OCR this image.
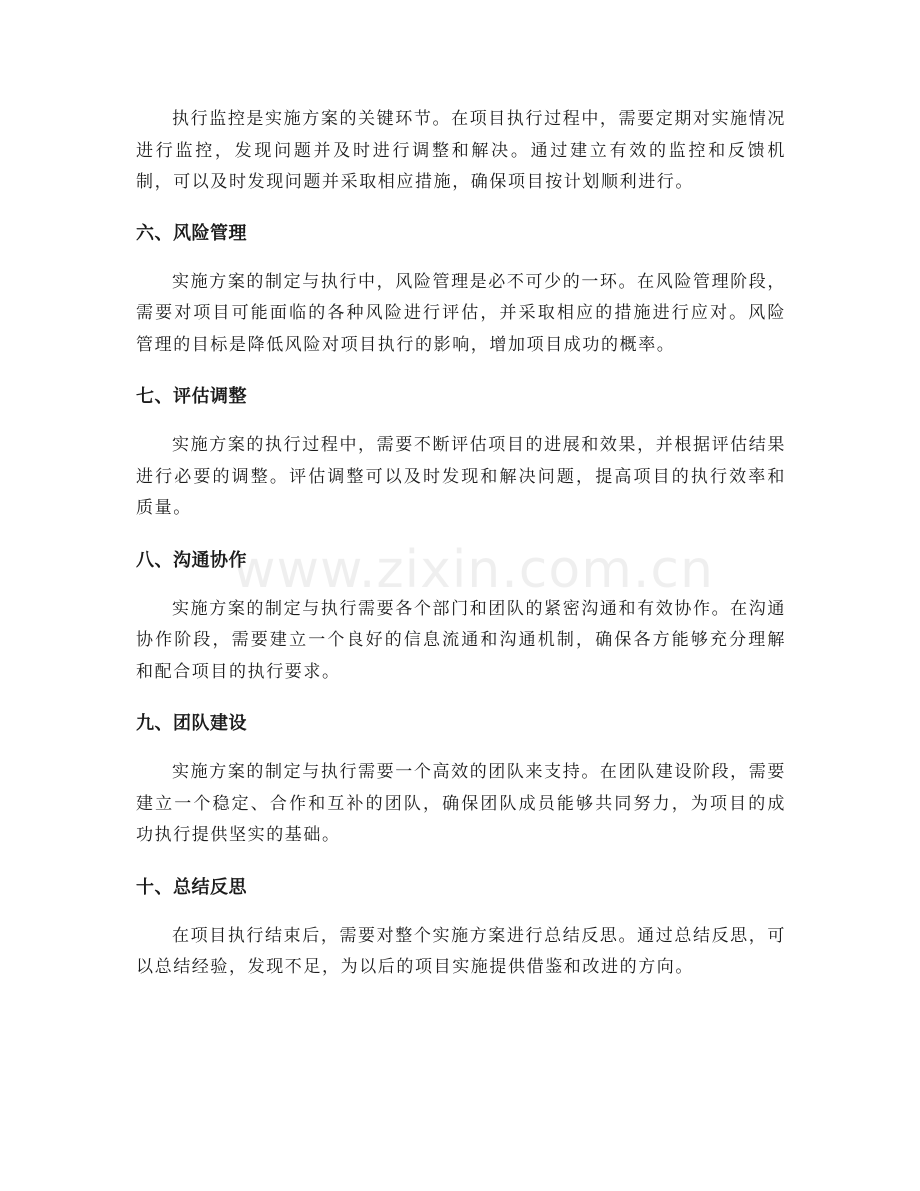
执行监控是实施方案的关键环节。在项目执行过程中，需要定期对实施情况进行监控，发现问题并及时进行调整和解决。通过建立有效的监控和反馈机制，可以及时发现问题并采取相应措施，确保项目按计划顺利进行。

六、风险管理

实施方案的制定与执行中，风险管理是必不可少的一环。在风险管理阶段，需要对项目可能面临的各种风险进行评估，并采取相应的措施进行应对。风险管理的目标是降低风险对项目执行的影响，增加项目成功的概率。

七、评估调整

实施方案的执行过程中，需要不断评估项目的进展和效果，并根据评估结果进行必要的调整。评估调整可以及时发现和解决问题，提高项目的执行效率和质量。

八、沟通协作

实施方案的制定与执行需要各个部门和团队的紧密沟通和有效协作。在沟通协作阶段，需要建立一个良好的信息流通和沟通机制，确保各方能够充分理解和配合项目的执行要求。

九、团队建设

实施方案的制定与执行需要一个高效的团队来支持。在团队建设阶段，需要建立一个稳定、合作和互补的团队，确保团队成员能够共同努力，为项目的成功执行提供坚实的基础。

十、总结反思

在项目执行结束后，需要对整个实施方案进行总结反思。通过总结反思，可以总结经验，发现不足，为以后的项目实施提供借鉴和改进的方向。

www.zixin.com.cn
